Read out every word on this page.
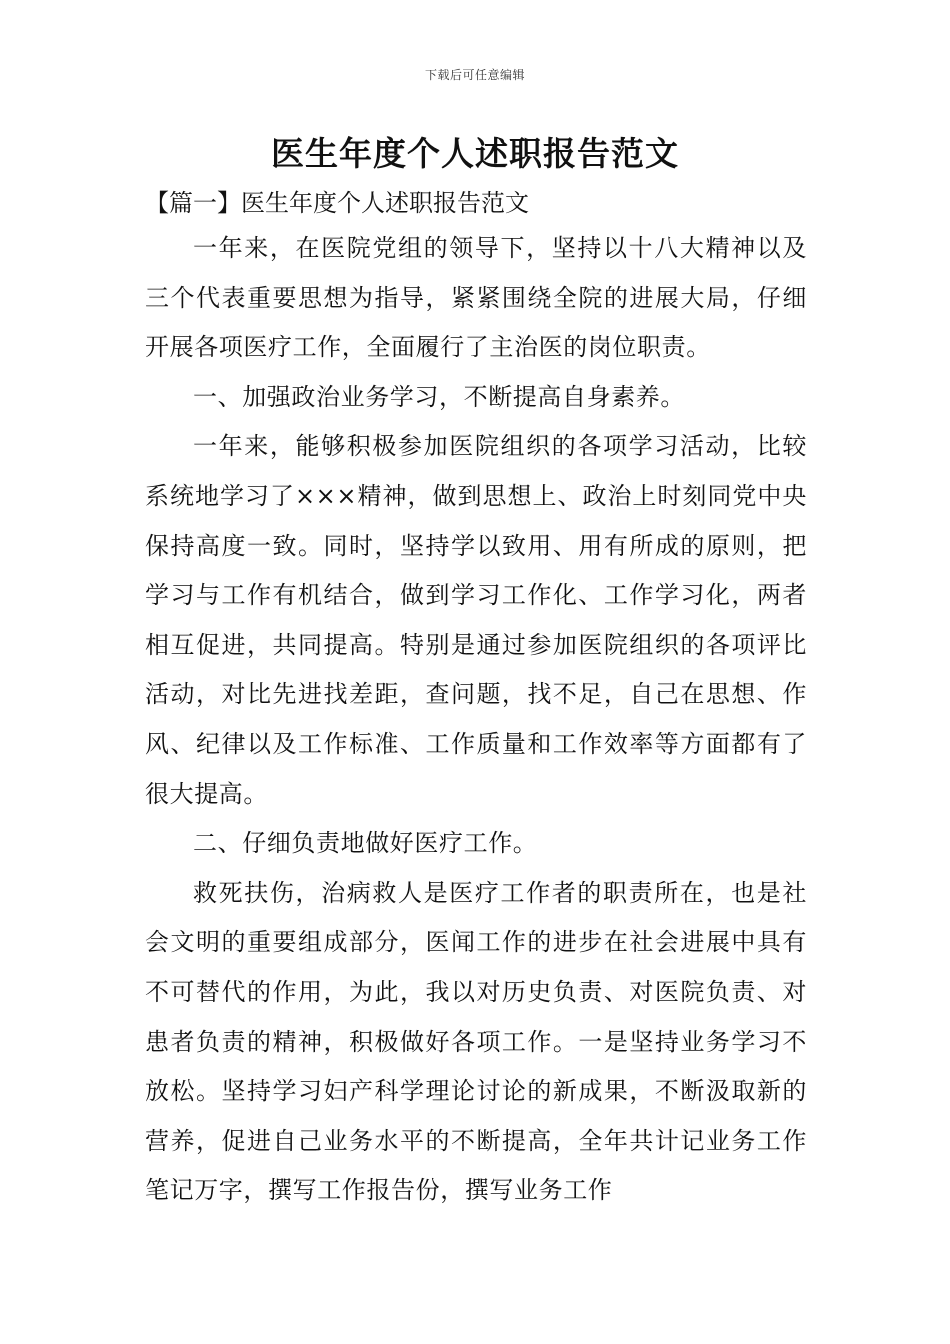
下载后可任意编辑
医生年度个人述职报告范文
【篇一】医生年度个人述职报告范文

一年来，在医院党组的领导下，坚持以十八大精神以及三个代表重要思想为指导，紧紧围绕全院的进展大局，仔细开展各项医疗工作，全面履行了主治医的岗位职责。

一、加强政治业务学习，不断提高自身素养。

一年来，能够积极参加医院组织的各项学习活动，比较系统地学习了×××精神，做到思想上、政治上时刻同党中央保持高度一致。同时，坚持学以致用、用有所成的原则，把学习与工作有机结合，做到学习工作化、工作学习化，两者相互促进，共同提高。特别是通过参加医院组织的各项评比活动，对比先进找差距，查问题，找不足，自己在思想、作风、纪律以及工作标准、工作质量和工作效率等方面都有了很大提高。

二、仔细负责地做好医疗工作。

救死扶伤，治病救人是医疗工作者的职责所在，也是社会文明的重要组成部分，医闻工作的进步在社会进展中具有不可替代的作用，为此，我以对历史负责、对医院负责、对患者负责的精神，积极做好各项工作。一是坚持业务学习不放松。坚持学习妇产科学理论讨论的新成果，不断汲取新的营养，促进自己业务水平的不断提高，全年共计记业务工作笔记万字，撰写工作报告份，撰写业务工作
